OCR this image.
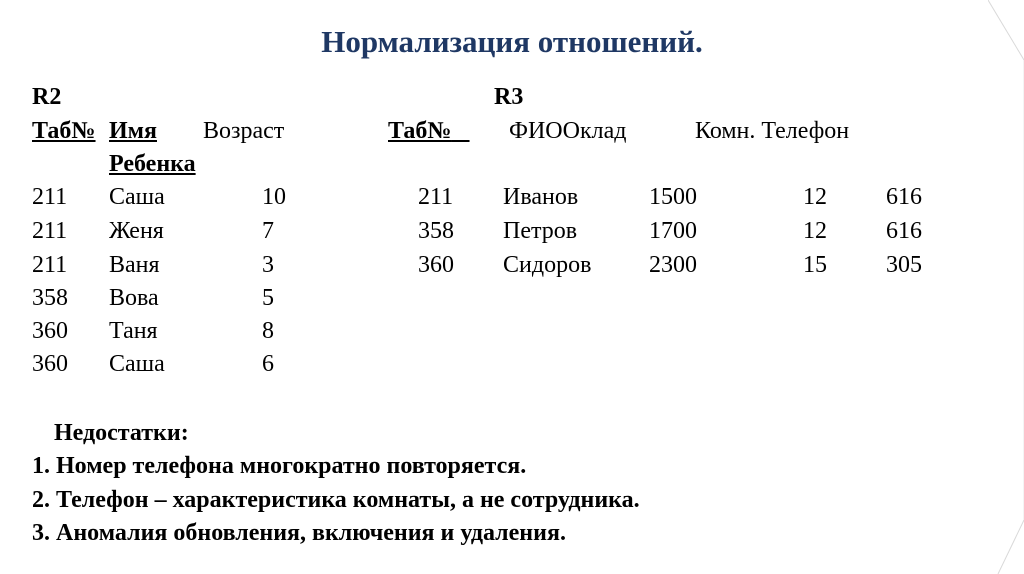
Нормализация отношений.
R2
Таб№ Имя Возраст
Ребенка
211 Саша	10
211 Женя	7
211 Ваня	3
358 Вова	5
360 Таня	8
360 Саша	6
R3
Таб№	ФИООклад	Комн. Телефон
211 Иванов	1500	12 616
358 Петров	1700	12 616
360 Сидоров 2300	15 305
Недостатки:
1. Номер телефона многократно повторяется.
2. Телефон – характеристика комнаты, а не сотрудника.
3. Аномалия обновления, включения и удаления.
